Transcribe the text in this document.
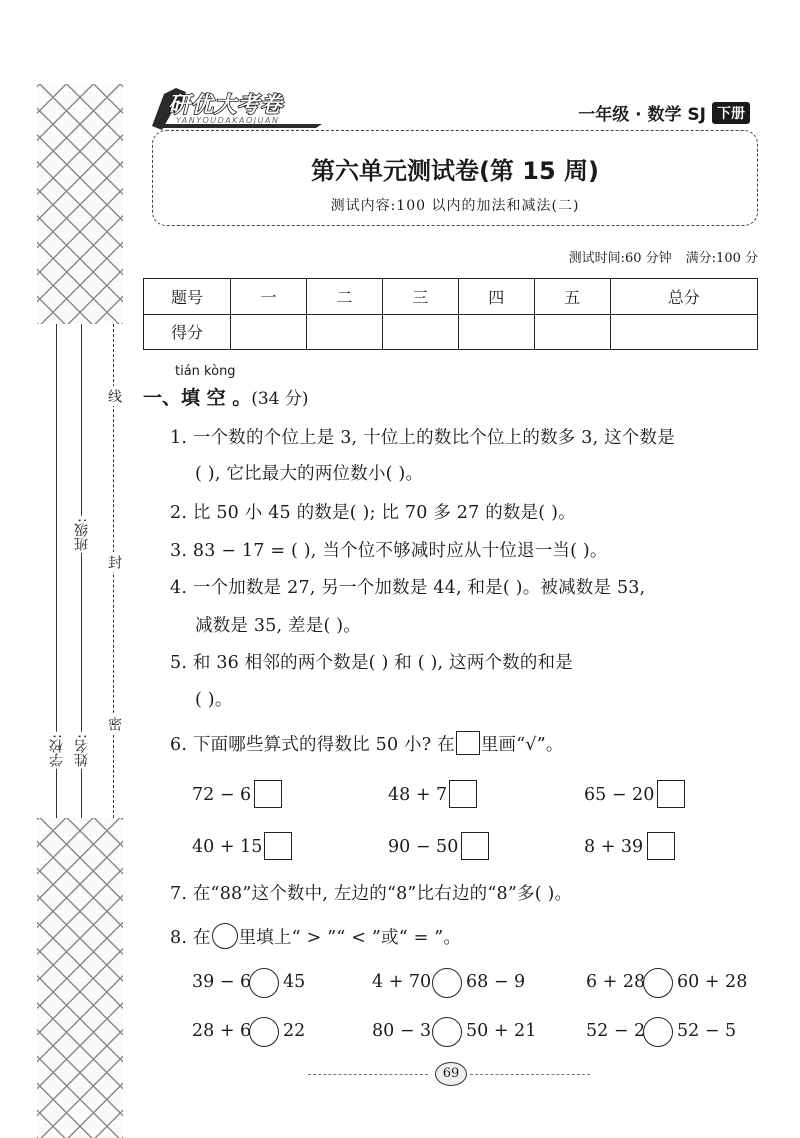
学校: 姓名:
班级:
线
封
密
研优大考卷
YANYOUDAKAOJUAN	一年级 · 数学 SJ 下册
第六单元测试卷(第 15 周)
测试内容:100 以内的加法和减法(二)
测试时间:60 分钟 满分:100 分
题号	一	二	三	四	五	总分
得分						
tián kòng
一、填 空 。(34 分)
1. 一个数的个位上是 3, 十位上的数比个位上的数多 3, 这个数是
( ), 它比最大的两位数小( )。
2. 比 50 小 45 的数是( ); 比 70 多 27 的数是( )。
3. 83 − 17 = ( ), 当个位不够减时应从十位退一当( )。
4. 一个加数是 27, 另一个加数是 44, 和是( )。被减数是 53,
减数是 35, 差是( )。
5. 和 36 相邻的两个数是( ) 和 ( ), 这两个数的和是
( )。
6. 下面哪些算式的得数比 50 小? 在 里画“√”。
72 − 6	48 + 7	65 − 20
40 + 15	90 − 50	8 + 39
7. 在“88”这个数中, 左边的“8”比右边的“8”多( )。
8. 在 里填上“ > ”“ < ”或“ = ”。
39 − 6 45	4 + 70 68 − 9	6 + 28 60 + 28
28 + 6 22	80 − 3 50 + 21	52 − 2 52 − 5
69
